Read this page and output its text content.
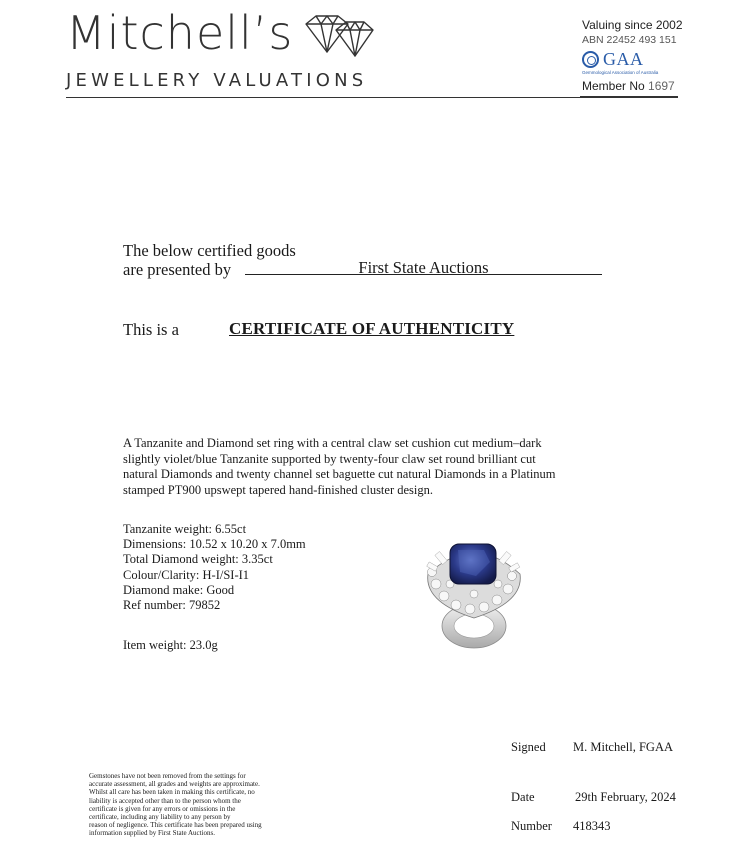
Mitchell’s
JEWELLERY VALUATIONS
Valuing since 2002
ABN 22452 493 151
GAA
Gemmological Association of Australia
Member No 1697
The below certified goods
are presented by	First State Auctions
This is a	CERTIFICATE OF AUTHENTICITY
A Tanzanite and Diamond set ring with a central claw set cushion cut medium–dark
slightly violet/blue Tanzanite supported by twenty-four claw set round brilliant cut
natural Diamonds and twenty channel set baguette cut natural Diamonds in a Platinum
stamped PT900 upswept tapered hand-finished cluster design.
Tanzanite weight: 6.55ct
Dimensions: 10.52 x 10.20 x 7.0mm
Total Diamond weight: 3.35ct
Colour/Clarity: H-I/SI-I1
Diamond make: Good
Ref number: 79852
Item weight: 23.0g
Signed M. Mitchell, FGAA
Date	29th February, 2024
Number 418343
Gemstones have not been removed from the settings for
accurate assessment, all grades and weights are approximate.
Whilst all care has been taken in making this certificate, no
liability is accepted other than to the person whom the
certificate is given for any errors or omissions in the
certificate, including any liability to any person by
reason of negligence. This certificate has been prepared using
information supplied by First State Auctions.
